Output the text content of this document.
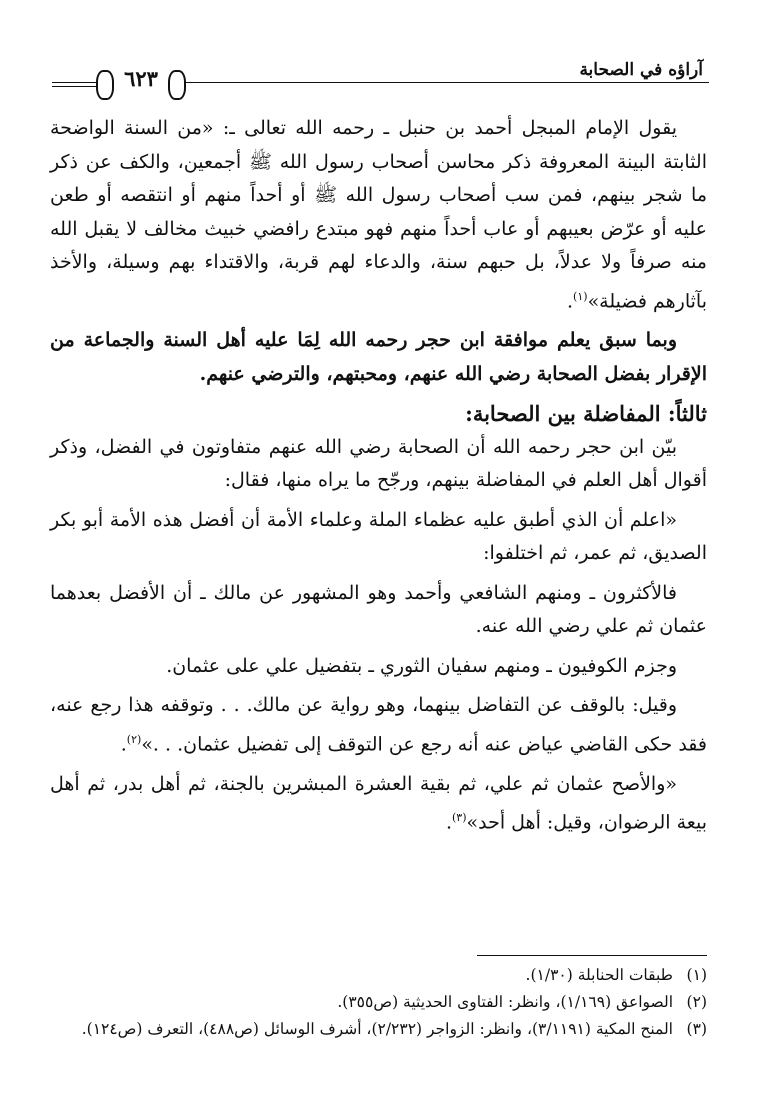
آراؤه في الصحابة
٦٢٣

يقول الإمام المبجل أحمد بن حنبل ـ رحمه الله تعالى ـ: «من السنة الواضحة الثابتة البينة المعروفة ذكر محاسن أصحاب رسول الله ﷺ أجمعين، والكف عن ذكر ما شجر بينهم، فمن سب أصحاب رسول الله ﷺ أو أحداً منهم أو انتقصه أو طعن عليه أو عرّض بعيبهم أو عاب أحداً منهم فهو مبتدع رافضي خبيث مخالف لا يقبل الله منه صرفاً ولا عدلاً، بل حبهم سنة، والدعاء لهم قربة، والاقتداء بهم وسيلة، والأخذ بآثارهم فضيلة»$^{(١)}$.

وبما سبق يعلم موافقة ابن حجر رحمه الله لِمَا عليه أهل السنة والجماعة من الإقرار بفضل الصحابة رضي الله عنهم، ومحبتهم، والترضي عنهم.

ثالثاً: المفاضلة بين الصحابة:

بيّن ابن حجر رحمه الله أن الصحابة رضي الله عنهم متفاوتون في الفضل، وذكر أقوال أهل العلم في المفاضلة بينهم، ورجّح ما يراه منها، فقال:

«اعلم أن الذي أطبق عليه عظماء الملة وعلماء الأمة أن أفضل هذه الأمة أبو بكر الصديق، ثم عمر، ثم اختلفوا:

فالأكثرون ـ ومنهم الشافعي وأحمد وهو المشهور عن مالك ـ أن الأفضل بعدهما عثمان ثم علي رضي الله عنه.

وجزم الكوفيون ـ ومنهم سفيان الثوري ـ بتفضيل علي على عثمان.

وقيل: بالوقف عن التفاضل بينهما، وهو رواية عن مالك. . . وتوقفه هذا رجع عنه، فقد حكى القاضي عياض عنه أنه رجع عن التوقف إلى تفضيل عثمان. . .»$^{(٢)}$.

«والأصح عثمان ثم علي، ثم بقية العشرة المبشرين بالجنة، ثم أهل بدر، ثم أهل بيعة الرضوان، وقيل: أهل أحد»$^{(٣)}$.

(١)طبقات الحنابلة (١/٣٠).

(٢)الصواعق (١/١٦٩)، وانظر: الفتاوى الحديثية (ص٣٥٥).

(٣)المنح المكية (٣/١١٩١)، وانظر: الزواجر (٢/٢٣٢)، أشرف الوسائل (ص٤٨٨)، التعرف (ص١٢٤).
